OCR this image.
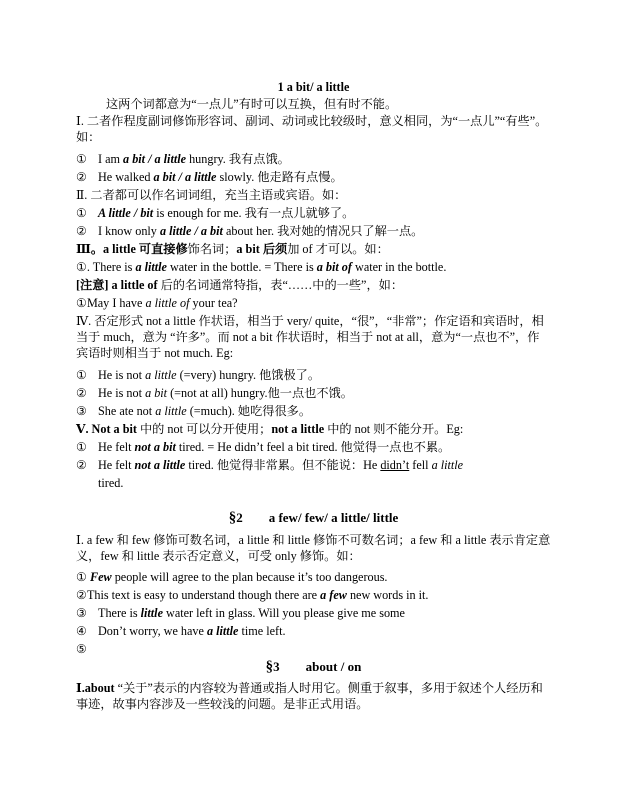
1 a bit/ a little
这两个词都意为“一点儿”有时可以互换，但有时不能。
Ⅰ. 二者作程度副词修饰形容词、副词、动词或比较级时，意义相同，为“一点儿”“有些”。如：
① I am a bit / a little hungry. 我有点饿。
② He walked a bit / a little slowly. 他走路有点慢。
Ⅱ. 二者都可以作名词词组，充当主语或宾语。如：
① A little / bit is enough for me. 我有一点儿就够了。
② I know only a little / a bit about her. 我对她的情况只了解一点。
Ⅲ。a little 可直接修饰名词；a bit 后须加 of 才可以。如：
①. There is a little water in the bottle. = There is a bit of water in the bottle.
[注意] a little of 后的名词通常特指，表“……中的一些”，如：
①May I have a little of your tea?
Ⅳ. 否定形式 not a little 作状语，相当于 very/ quite，“很”，“非常”；作定语和宾语时，相当于 much，意为 “许多”。而 not a bit 作状语时，相当于 not at all，意为“一点也不”，作宾语时则相当于 not much. Eg:
① He is not a little (=very) hungry. 他饿极了。
② He is not a bit (=not at all) hungry.他一点也不饿。
③ She ate not a little (=much). 她吃得很多。
Ⅴ. Not a bit 中的 not 可以分开使用；not a little 中的 not 则不能分开。Eg:
① He felt not a bit tired. = He didn’t feel a bit tired. 他觉得一点也不累。
② He felt not a little tired. 他觉得非常累。但不能说：He didn’t fell a little
tired.
§2 a few/ few/ a little/ little
Ⅰ. a few 和 few 修饰可数名词，a little 和 little 修饰不可数名词；a few 和 a little 表示肯定意义，few 和 little 表示否定意义，可受 only 修饰。如：
① Few people will agree to the plan because it’s too dangerous.
②This text is easy to understand though there are a few new words in it.
③ There is little water left in glass. Will you please give me some
④ Don’t worry, we have a little time left.
⑤
§3 about / on
Ⅰ.about “关于”表示的内容较为普通或指人时用它。侧重于叙事，多用于叙述个人经历和事迹，故事内容涉及一些较浅的问题。是非正式用语。
